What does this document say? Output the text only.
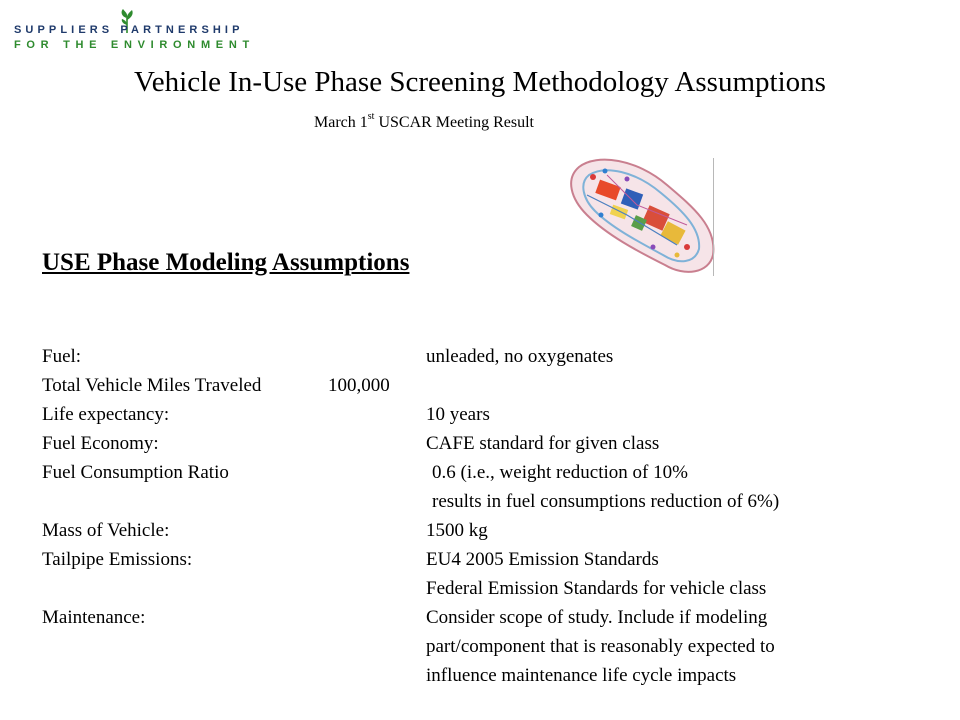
SUPPLIERS PARTNERSHIP
FOR THE ENVIRONMENT
Vehicle In-Use Phase Screening Methodology Assumptions
March 1st USCAR Meeting Result
USE Phase Modeling Assumptions
Fuel:	unleaded, no oxygenates
Total Vehicle Miles Traveled	100,000
Life expectancy:	10 years
Fuel Economy:	CAFE standard for given class
Fuel Consumption Ratio	0.6 (i.e., weight reduction of 10%
results in fuel consumptions reduction of 6%)
Mass of Vehicle:	1500 kg
Tailpipe Emissions:	EU4 2005 Emission Standards
Federal Emission Standards for vehicle class
Maintenance:	Consider scope of study. Include if modeling
part/component that is reasonably expected to
influence maintenance life cycle impacts
